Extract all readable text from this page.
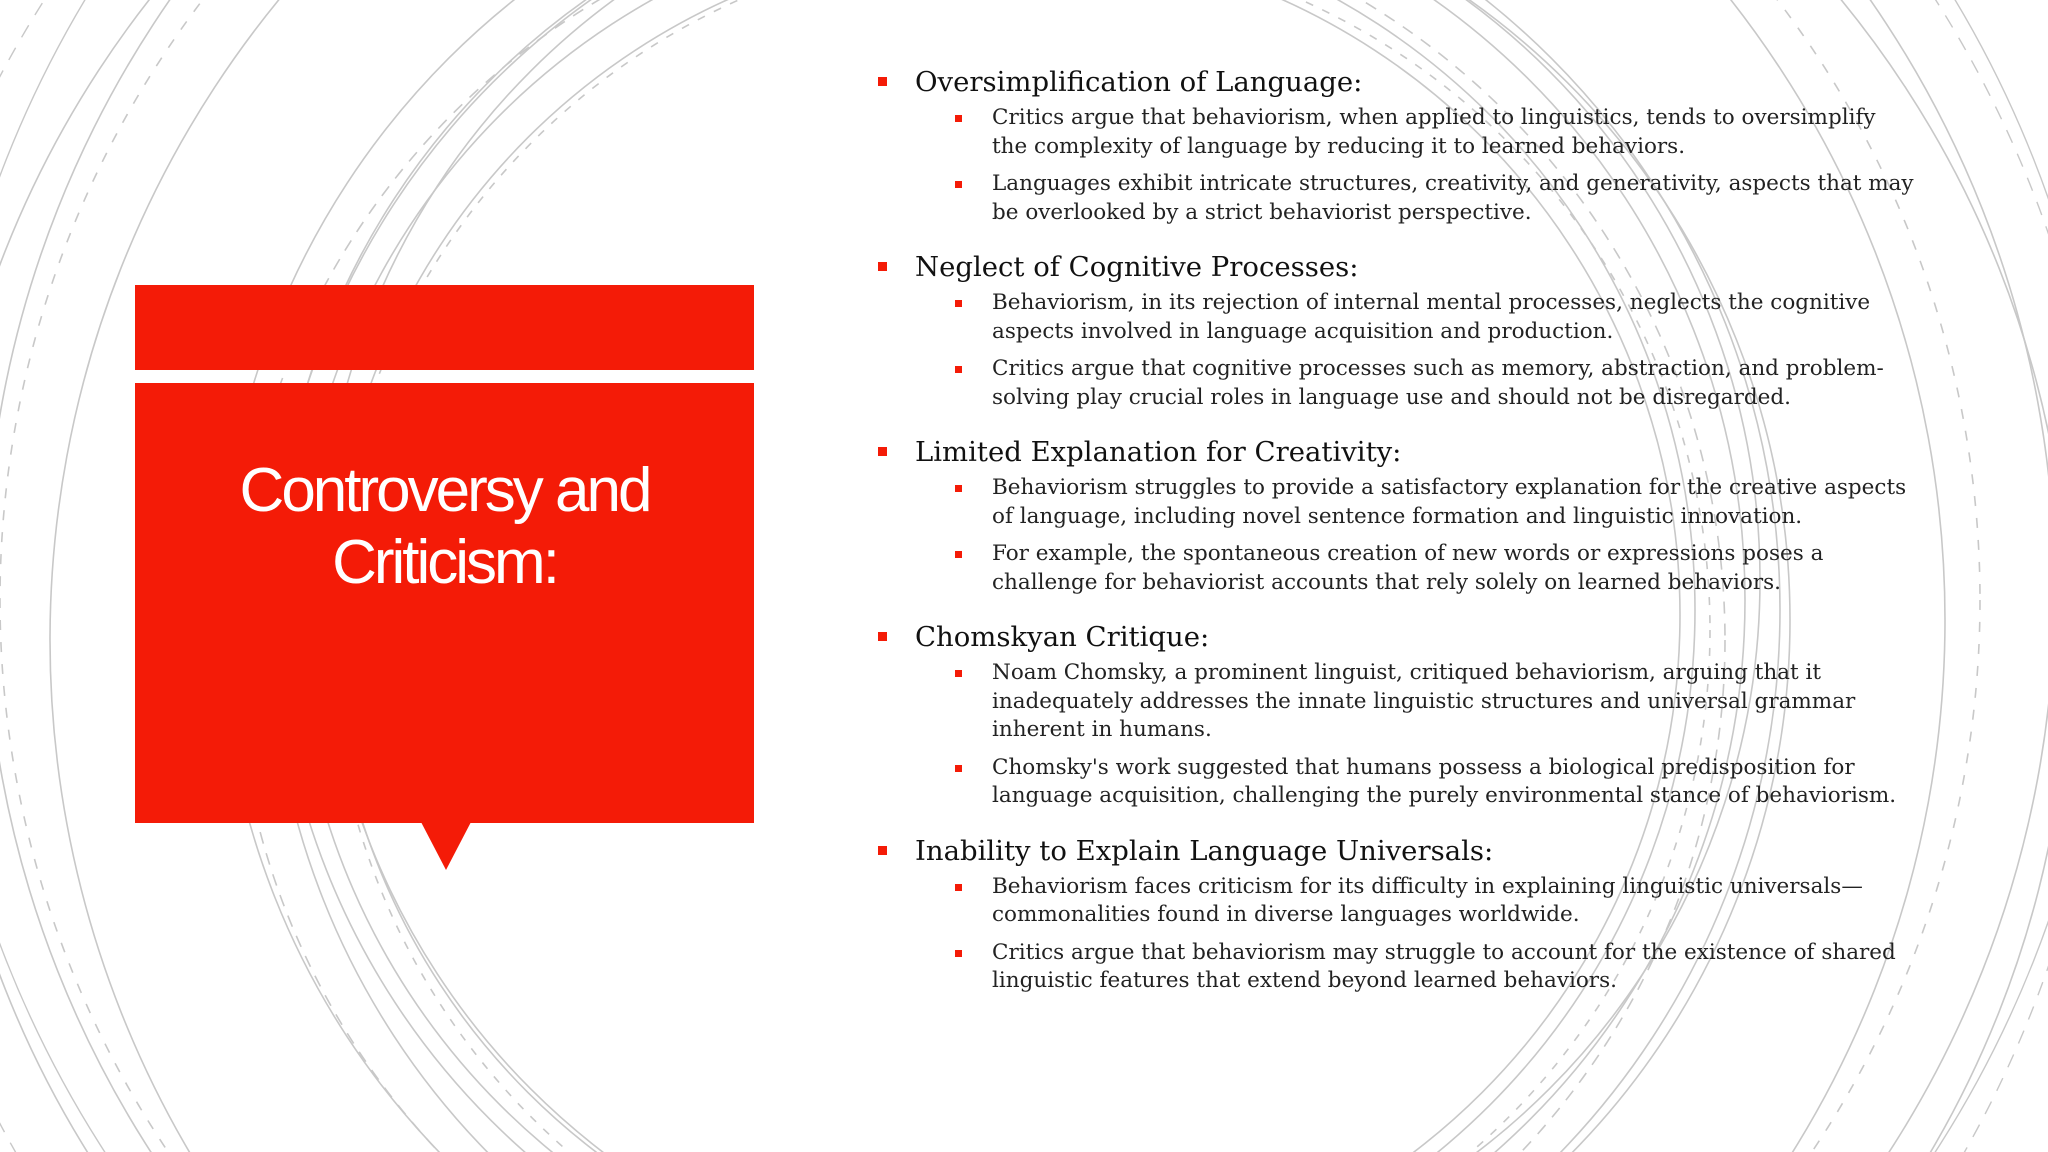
Controversy and
Criticism:
Oversimplification of Language:
Critics argue that behaviorism, when applied to linguistics, tends to oversimplify the complexity of language by reducing it to learned behaviors.
Languages exhibit intricate structures, creativity, and generativity, aspects that may be overlooked by a strict behaviorist perspective.
Neglect of Cognitive Processes:
Behaviorism, in its rejection of internal mental processes, neglects the cognitive aspects involved in language acquisition and production.
Critics argue that cognitive processes such as memory, abstraction, and problem-solving play crucial roles in language use and should not be disregarded.
Limited Explanation for Creativity:
Behaviorism struggles to provide a satisfactory explanation for the creative aspects of language, including novel sentence formation and linguistic innovation.
For example, the spontaneous creation of new words or expressions poses a challenge for behaviorist accounts that rely solely on learned behaviors.
Chomskyan Critique:
Noam Chomsky, a prominent linguist, critiqued behaviorism, arguing that it inadequately addresses the innate linguistic structures and universal grammar inherent in humans.
Chomsky's work suggested that humans possess a biological predisposition for language acquisition, challenging the purely environmental stance of behaviorism.
Inability to Explain Language Universals:
Behaviorism faces criticism for its difficulty in explaining linguistic universals—commonalities found in diverse languages worldwide.
Critics argue that behaviorism may struggle to account for the existence of shared linguistic features that extend beyond learned behaviors.
